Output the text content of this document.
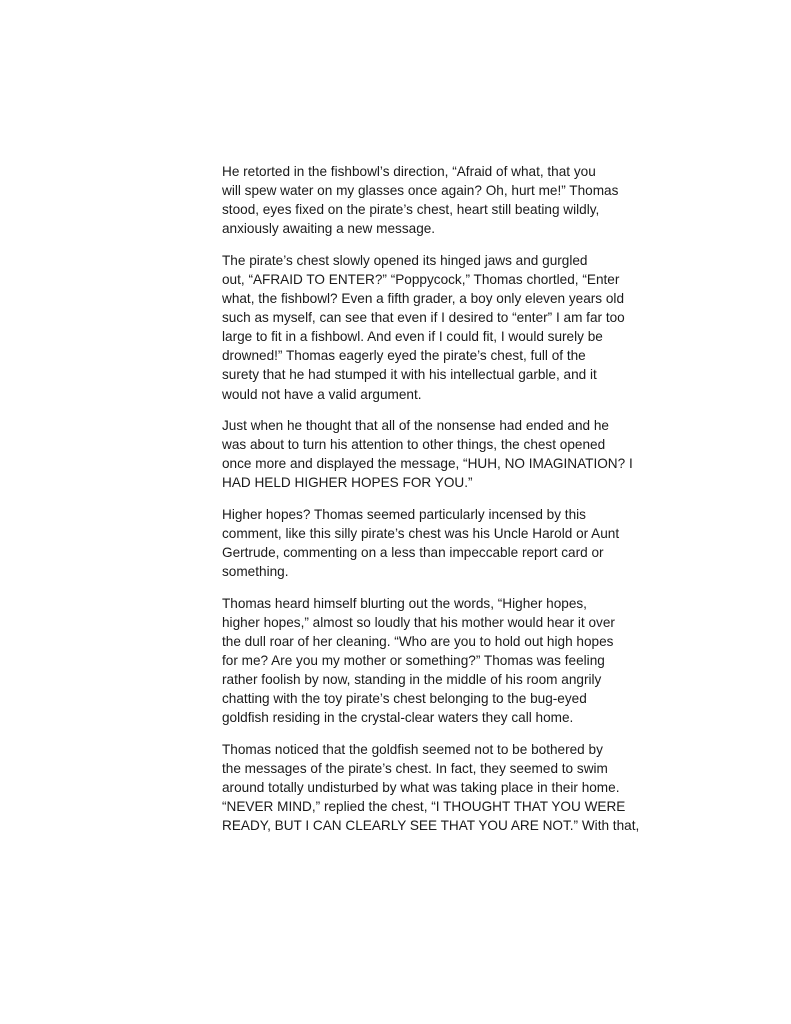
He retorted in the fishbowl’s direction, “Afraid of what, that you
will spew water on my glasses once again? Oh, hurt me!” Thomas
stood, eyes fixed on the pirate’s chest, heart still beating wildly,
anxiously awaiting a new message.

The pirate’s chest slowly opened its hinged jaws and gurgled
out, “AFRAID TO ENTER?” “Poppycock,” Thomas chortled, “Enter
what, the fishbowl? Even a fifth grader, a boy only eleven years old
such as myself, can see that even if I desired to “enter” I am far too
large to fit in a fishbowl. And even if I could fit, I would surely be
drowned!” Thomas eagerly eyed the pirate’s chest, full of the
surety that he had stumped it with his intellectual garble, and it
would not have a valid argument.

Just when he thought that all of the nonsense had ended and he
was about to turn his attention to other things, the chest opened
once more and displayed the message, “HUH, NO IMAGINATION? I
HAD HELD HIGHER HOPES FOR YOU.”

Higher hopes? Thomas seemed particularly incensed by this
comment, like this silly pirate’s chest was his Uncle Harold or Aunt
Gertrude, commenting on a less than impeccable report card or
something.

Thomas heard himself blurting out the words, “Higher hopes,
higher hopes,” almost so loudly that his mother would hear it over
the dull roar of her cleaning. “Who are you to hold out high hopes
for me? Are you my mother or something?” Thomas was feeling
rather foolish by now, standing in the middle of his room angrily
chatting with the toy pirate’s chest belonging to the bug-eyed
goldfish residing in the crystal-clear waters they call home.

Thomas noticed that the goldfish seemed not to be bothered by
the messages of the pirate’s chest. In fact, they seemed to swim
around totally undisturbed by what was taking place in their home.
“NEVER MIND,” replied the chest, “I THOUGHT THAT YOU WERE
READY, BUT I CAN CLEARLY SEE THAT YOU ARE NOT.” With that,
